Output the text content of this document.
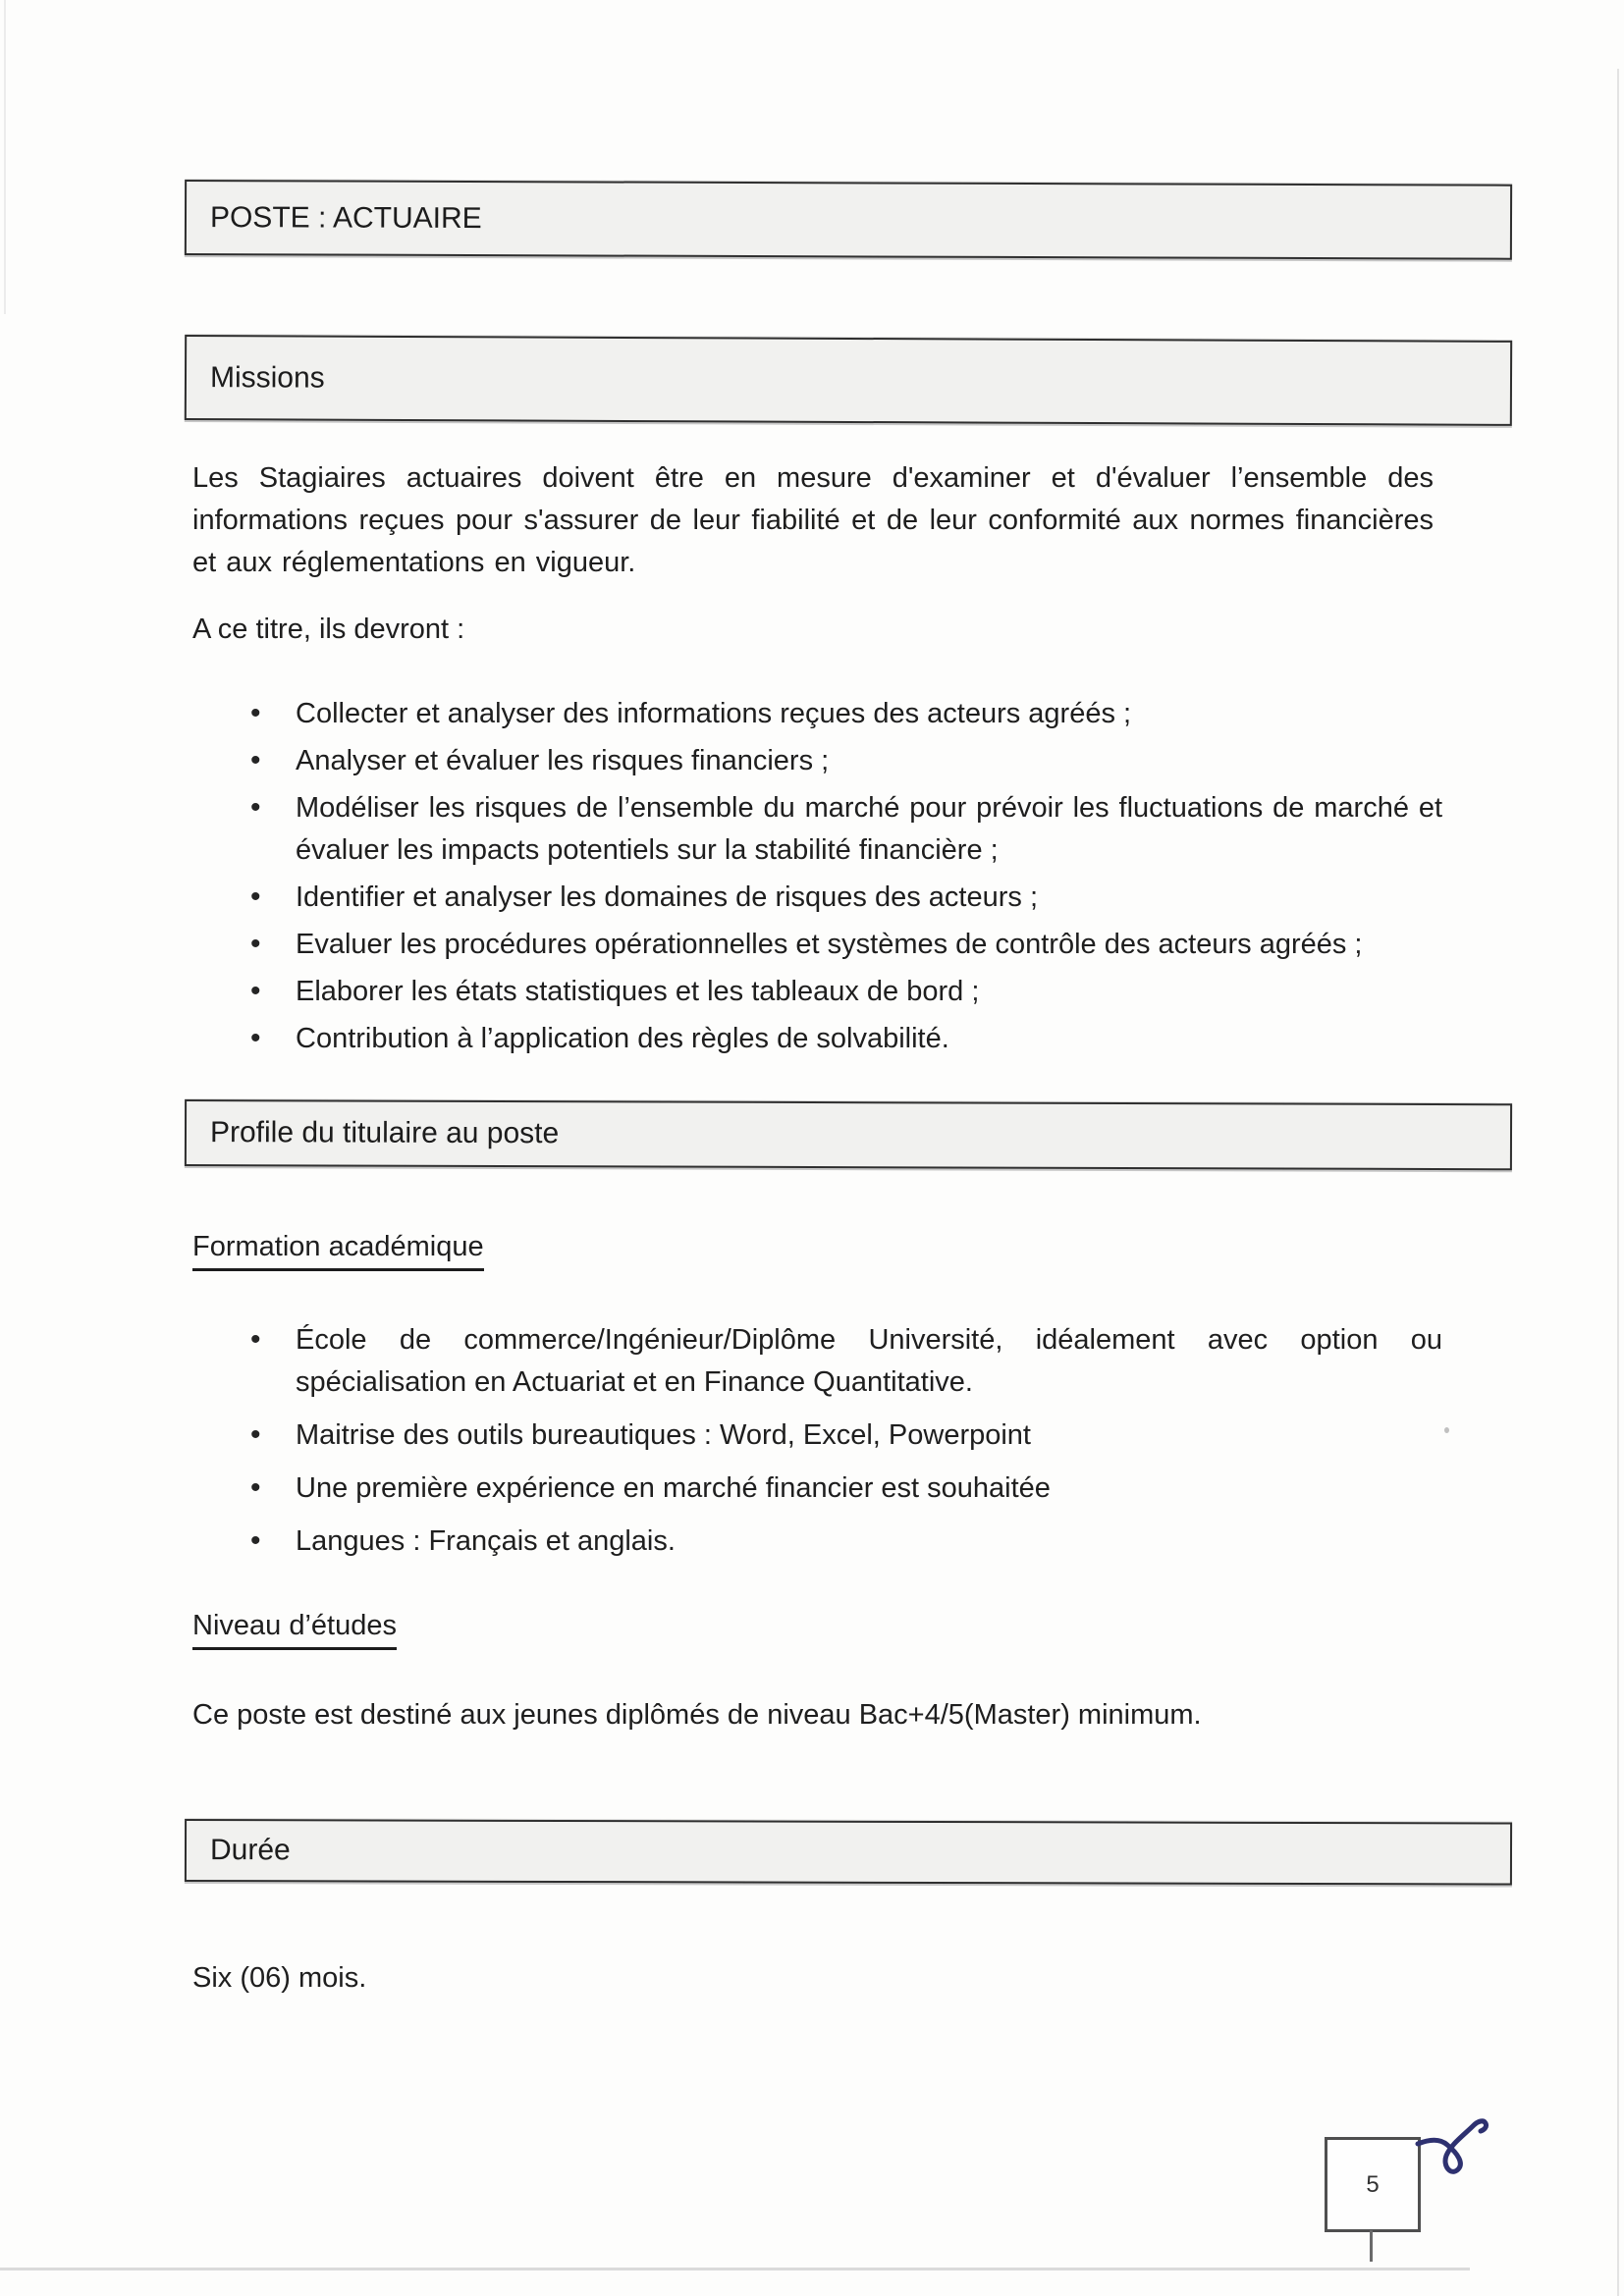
POSTE : ACTUAIRE
Missions
Les Stagiaires actuaires doivent être en mesure d'examiner et d'évaluer l’ensemble des informations reçues pour s'assurer de leur fiabilité et de leur conformité aux normes financières et aux réglementations en vigueur.
A ce titre, ils devront :
• Collecter et analyser des informations reçues des acteurs agréés ;
• Analyser et évaluer les risques financiers ;
• Modéliser les risques de l’ensemble du marché pour prévoir les fluctuations de marché et évaluer les impacts potentiels sur la stabilité financière ;
• Identifier et analyser les domaines de risques des acteurs ;
• Evaluer les procédures opérationnelles et systèmes de contrôle des acteurs agréés ;
• Elaborer les états statistiques et les tableaux de bord ;
• Contribution à l’application des règles de solvabilité.
Profile du titulaire au poste
Formation académique
• École de commerce/Ingénieur/Diplôme Université, idéalement avec option ou spécialisation en Actuariat et en Finance Quantitative.
• Maitrise des outils bureautiques : Word, Excel, Powerpoint
• Une première expérience en marché financier est souhaitée
• Langues : Français et anglais.
Niveau d’études
Ce poste est destiné aux jeunes diplômés de niveau Bac+4/5(Master) minimum.
Durée
Six (06) mois.
5
